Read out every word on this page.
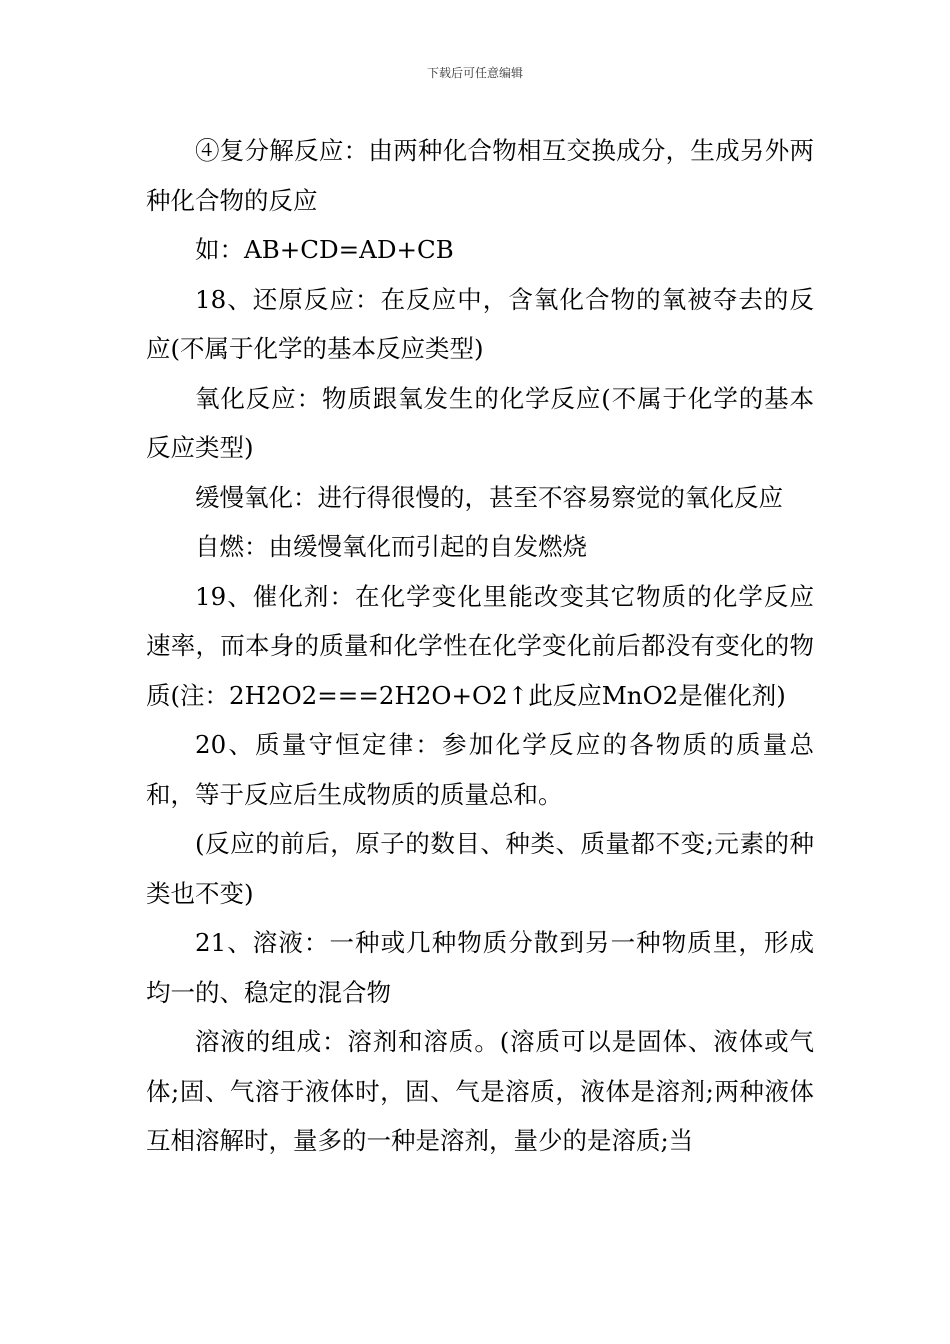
下载后可任意编辑

④复分解反应：由两种化合物相互交换成分，生成另外两种化合物的反应

如：AB+CD=AD+CB

18、还原反应：在反应中，含氧化合物的氧被夺去的反应(不属于化学的基本反应类型)

氧化反应：物质跟氧发生的化学反应(不属于化学的基本反应类型)

缓慢氧化：进行得很慢的，甚至不容易察觉的氧化反应

自燃：由缓慢氧化而引起的自发燃烧

19、催化剂：在化学变化里能改变其它物质的化学反应速率，而本身的质量和化学性在化学变化前后都没有变化的物质(注：2H2O2===2H2O+O2↑此反应MnO2是催化剂)

20、质量守恒定律：参加化学反应的各物质的质量总和，等于反应后生成物质的质量总和。

(反应的前后，原子的数目、种类、质量都不变;元素的种类也不变)

21、溶液：一种或几种物质分散到另一种物质里，形成均一的、稳定的混合物

溶液的组成：溶剂和溶质。(溶质可以是固体、液体或气体;固、气溶于液体时，固、气是溶质，液体是溶剂;两种液体互相溶解时，量多的一种是溶剂，量少的是溶质;当
